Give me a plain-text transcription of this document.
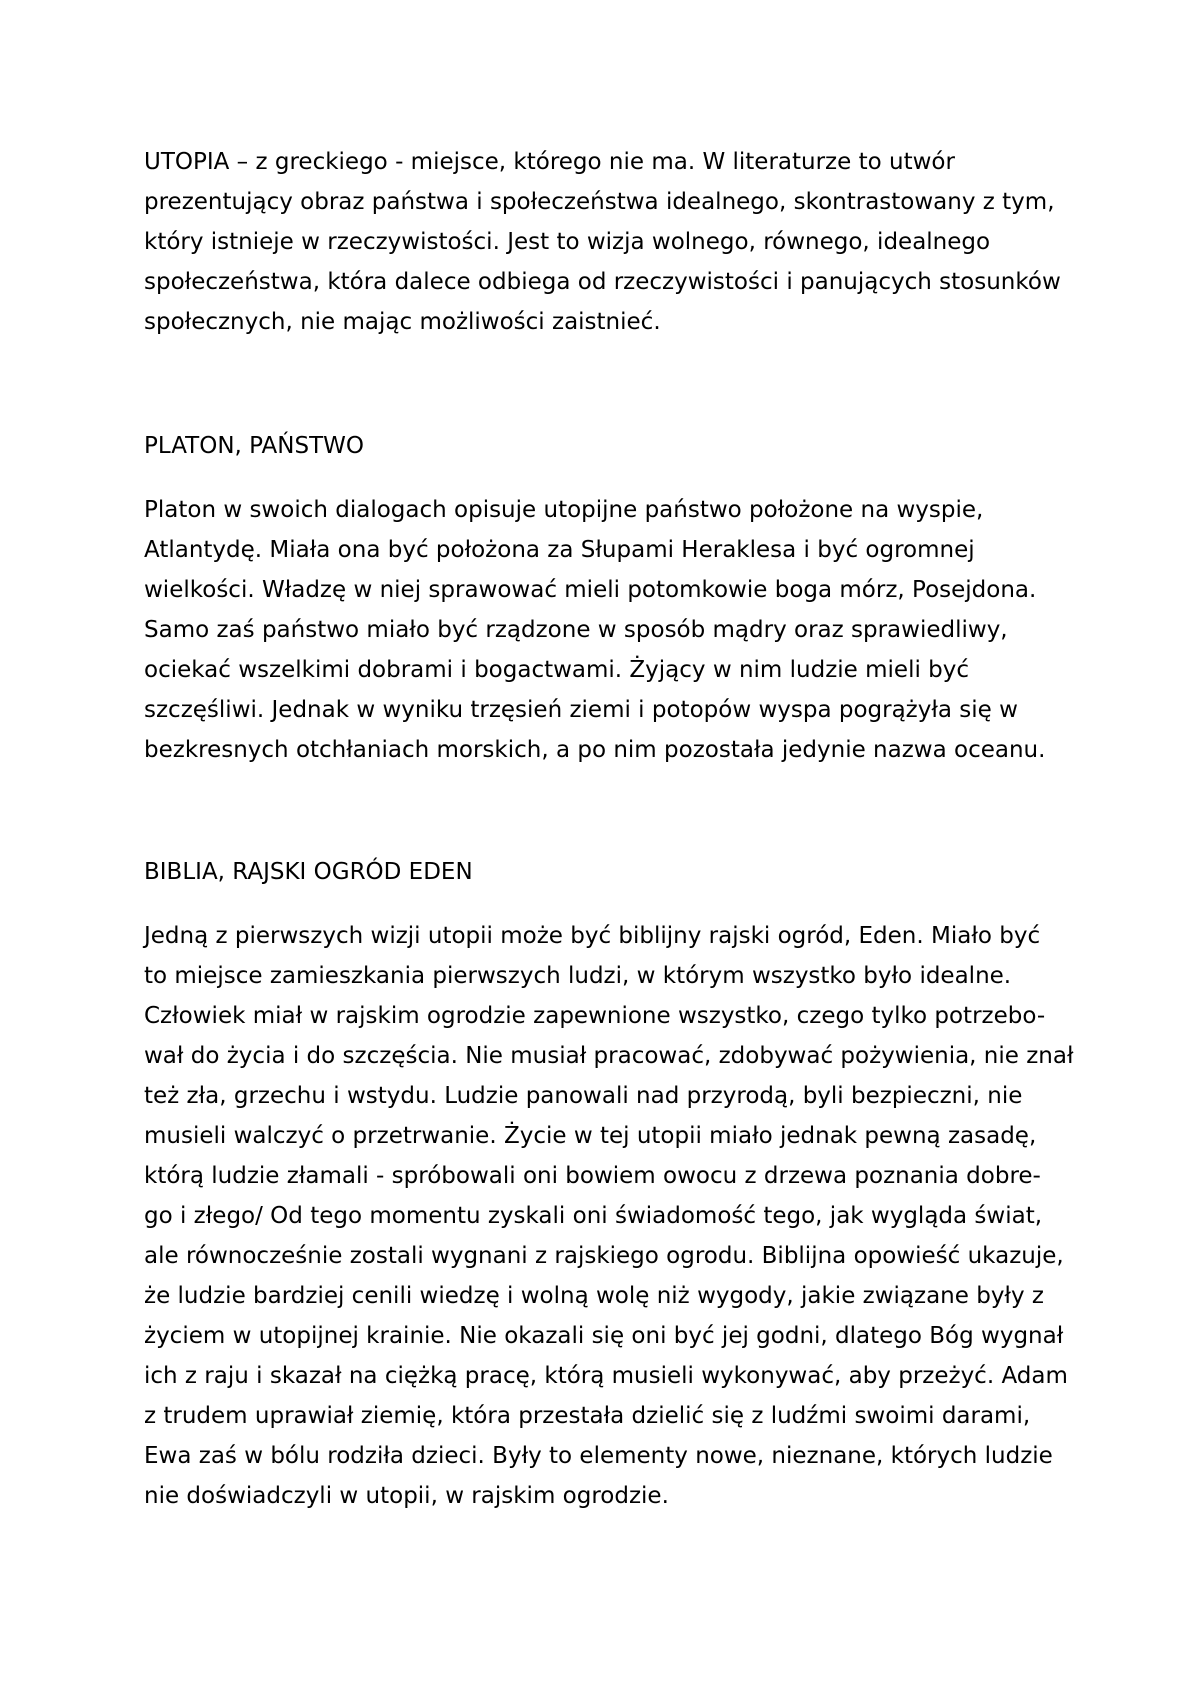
UTOPIA – z greckiego - miejsce, którego nie ma. W literaturze to utwór
prezentujący obraz państwa i społeczeństwa idealnego, skontrastowany z tym,
który istnieje w rzeczywistości. Jest to wizja wolnego, równego, idealnego
społeczeństwa, która dalece odbiega od rzeczywistości i panujących stosunków
społecznych, nie mając możliwości zaistnieć.

PLATON, PAŃSTWO

Platon w swoich dialogach opisuje utopijne państwo położone na wyspie,
Atlantydę. Miała ona być położona za Słupami Heraklesa i być ogromnej
wielkości. Władzę w niej sprawować mieli potomkowie boga mórz, Posejdona.
Samo zaś państwo miało być rządzone w sposób mądry oraz sprawiedliwy,
ociekać wszelkimi dobrami i bogactwami. Żyjący w nim ludzie mieli być
szczęśliwi. Jednak w wyniku trzęsień ziemi i potopów wyspa pogrążyła się w
bezkresnych otchłaniach morskich, a po nim pozostała jedynie nazwa oceanu.

BIBLIA, RAJSKI OGRÓD EDEN

Jedną z pierwszych wizji utopii może być biblijny rajski ogród, Eden. Miało być
to miejsce zamieszkania pierwszych ludzi, w którym wszystko było idealne.
Człowiek miał w rajskim ogrodzie zapewnione wszystko, czego tylko potrzebo-
wał do życia i do szczęścia. Nie musiał pracować, zdobywać pożywienia, nie znał
też zła, grzechu i wstydu. Ludzie panowali nad przyrodą, byli bezpieczni, nie
musieli walczyć o przetrwanie. Życie w tej utopii miało jednak pewną zasadę,
którą ludzie złamali - spróbowali oni bowiem owocu z drzewa poznania dobre-
go i złego/ Od tego momentu zyskali oni świadomość tego, jak wygląda świat,
ale równocześnie zostali wygnani z rajskiego ogrodu. Biblijna opowieść ukazuje,
że ludzie bardziej cenili wiedzę i wolną wolę niż wygody, jakie związane były z
życiem w utopijnej krainie. Nie okazali się oni być jej godni, dlatego Bóg wygnał
ich z raju i skazał na ciężką pracę, którą musieli wykonywać, aby przeżyć. Adam
z trudem uprawiał ziemię, która przestała dzielić się z ludźmi swoimi darami,
Ewa zaś w bólu rodziła dzieci. Były to elementy nowe, nieznane, których ludzie
nie doświadczyli w utopii, w rajskim ogrodzie.
